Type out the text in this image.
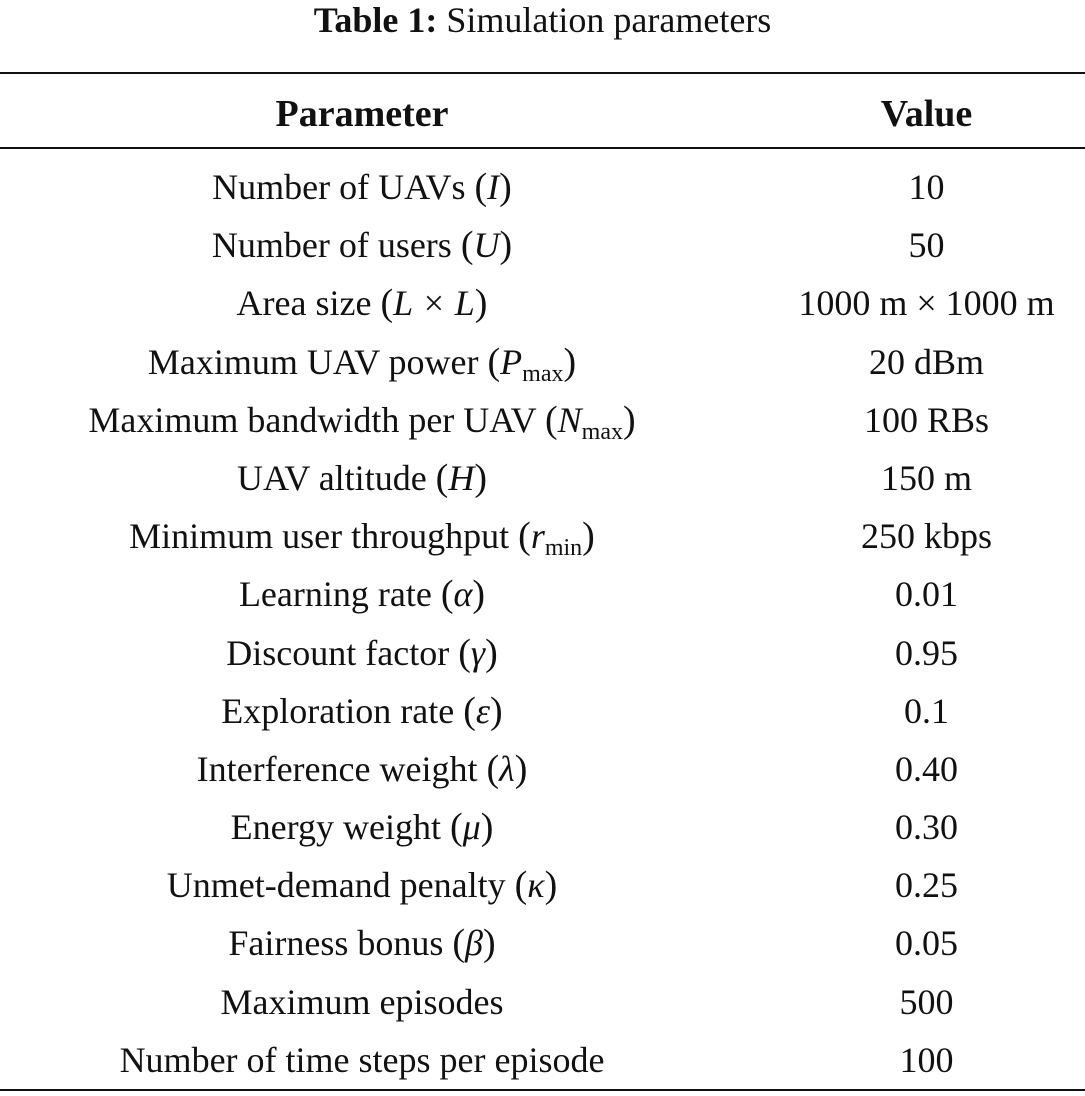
Table 1: Simulation parameters
Parameter	Value
Number of UAVs (I)	10
Number of users (U)	50
Area size (L × L)	1000 m × 1000 m
Maximum UAV power (Pmax)	20 dBm
Maximum bandwidth per UAV (Nmax)	100 RBs
UAV altitude (H)	150 m
Minimum user throughput (rmin)	250 kbps
Learning rate (α)	0.01
Discount factor (γ)	0.95
Exploration rate (ε)	0.1
Interference weight (λ)	0.40
Energy weight (μ)	0.30
Unmet-demand penalty (κ)	0.25
Fairness bonus (β)	0.05
Maximum episodes	500
Number of time steps per episode	100
